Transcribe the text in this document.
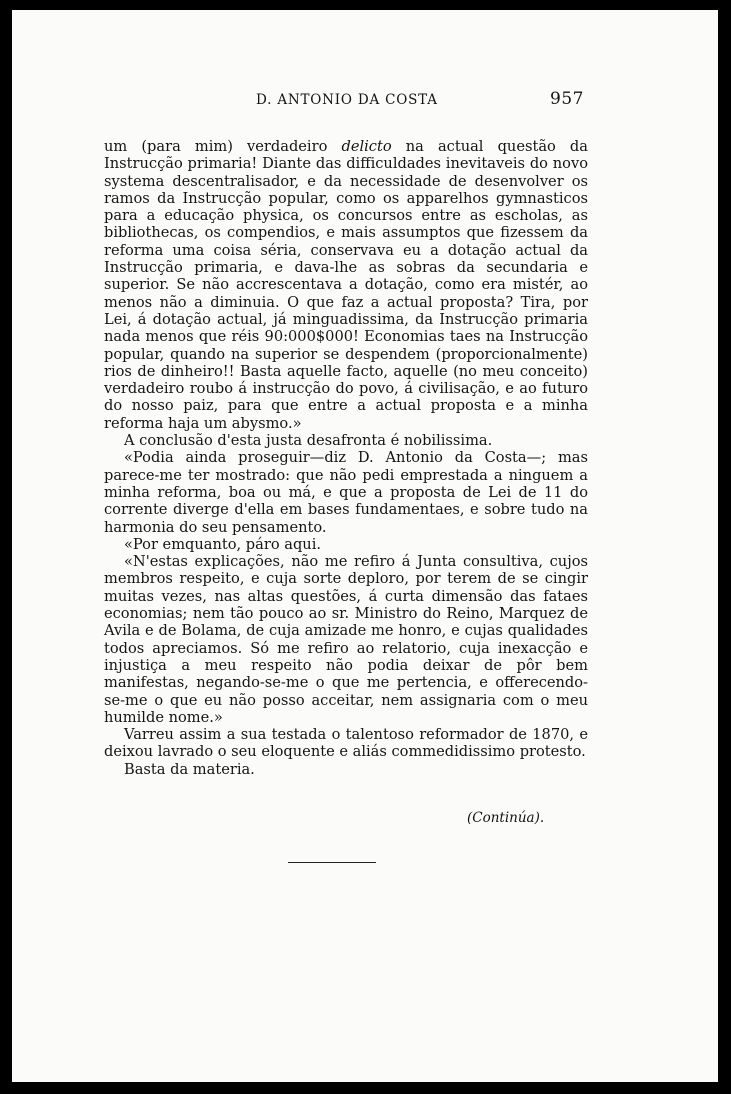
D. ANTONIO DA COSTA	957

um (para mim) verdadeiro delicto na actual questão da Instrucção primaria! Diante das difficuldades inevitaveis do novo systema descentralisador, e da necessidade de desenvolver os ramos da Instrucção popular, como os apparelhos gymnasticos para a educação physica, os concursos entre as escholas, as bibliothecas, os compendios, e mais assumptos que fizessem da reforma uma coisa séria, conservava eu a dotação actual da Instrucção primaria, e dava-lhe as sobras da secundaria e superior. Se não accrescentava a dotação, como era mistér, ao menos não a diminuia. O que faz a actual proposta? Tira, por Lei, á dotação actual, já minguadissima, da Instrucção primaria nada menos que réis 90:000$000! Economias taes na Instrucção popular, quando na superior se despendem (proporcionalmente) rios de dinheiro!! Basta aquelle facto, aquelle (no meu conceito) verdadeiro roubo á instrucção do povo, á civilisação, e ao futuro do nosso paiz, para que entre a actual proposta e a minha reforma haja um abysmo.»

A conclusão d'esta justa desafronta é nobilissima.

«Podia ainda proseguir—diz D. Antonio da Costa—; mas parece-me ter mostrado: que não pedi emprestada a ninguem a minha reforma, boa ou má, e que a proposta de Lei de 11 do corrente diverge d'ella em bases fundamentaes, e sobre tudo na harmonia do seu pensamento.

«Por emquanto, páro aqui.

«N'estas explicações, não me refiro á Junta consultiva, cujos membros respeito, e cuja sorte deploro, por terem de se cingir muitas vezes, nas altas questões, á curta dimensão das fataes economias; nem tão pouco ao sr. Ministro do Reino, Marquez de Avila e de Bolama, de cuja amizade me honro, e cujas qualidades todos apreciamos. Só me refiro ao relatorio, cuja inexacção e injustiça a meu respeito não podia deixar de pôr bem manifestas, negando-se-me o que me pertencia, e offerecendo-se-me o que eu não posso acceitar, nem assignaria com o meu humilde nome.»

Varreu assim a sua testada o talentoso reformador de 1870, e deixou lavrado o seu eloquente e aliás commedidissimo protesto.

Basta da materia.

(Continúa).
